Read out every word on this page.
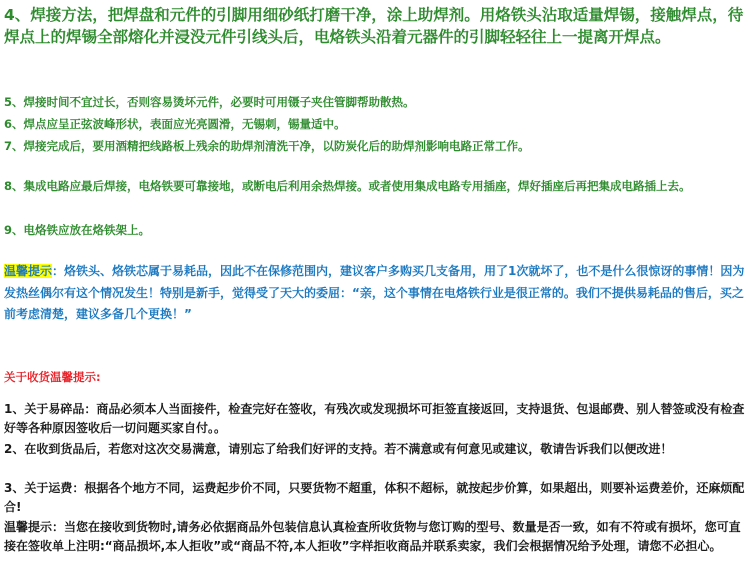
4、焊接方法，把焊盘和元件的引脚用细砂纸打磨干净，涂上助焊剂。用烙铁头沾取适量焊锡，接触焊点，待焊点上的焊锡全部熔化并浸没元件引线头后，电烙铁头沿着元器件的引脚轻轻往上一提离开焊点。

5、焊接时间不宜过长，否则容易烫坏元件，必要时可用镊子夹住管脚帮助散热。

6、焊点应呈正弦波峰形状，表面应光亮圆滑，无锡刺，锡量适中。

7、焊接完成后，要用酒精把线路板上残余的助焊剂清洗干净，以防炭化后的助焊剂影响电路正常工作。

8、集成电路应最后焊接，电烙铁要可靠接地，或断电后利用余热焊接。或者使用集成电路专用插座，焊好插座后再把集成电路插上去。

9、电烙铁应放在烙铁架上。

温馨提示：烙铁头、烙铁芯属于易耗品，因此不在保修范围内，建议客户多购买几支备用，用了1次就坏了，也不是什么很惊讶的事情！因为发热丝偶尔有这个情况发生！特别是新手，觉得受了天大的委屈：“亲，这个事情在电烙铁行业是很正常的。我们不提供易耗品的售后，买之前考虑清楚，建议多备几个更换！”

关于收货温馨提示:

1、关于易碎品：商品必须本人当面接件，检查完好在签收，有残次或发现损坏可拒签直接返回，支持退货、包退邮费、别人替签或没有检查好等各种原因签收后一切问题买家自付。。

2、在收到货品后，若您对这次交易满意，请别忘了给我们好评的支持。若不满意或有何意见或建议，敬请告诉我们以便改进！

3、关于运费：根据各个地方不同，运费起步价不同，只要货物不超重，体积不超标，就按起步价算，如果超出，则要补运费差价，还麻烦配合!

温馨提示：当您在接收到货物时,请务必依据商品外包装信息认真检查所收货物与您订购的型号、数量是否一致，如有不符或有损坏，您可直接在签收单上注明:“商品损坏,本人拒收”或“商品不符,本人拒收”字样拒收商品并联系卖家，我们会根据情况给予处理，请您不必担心。
